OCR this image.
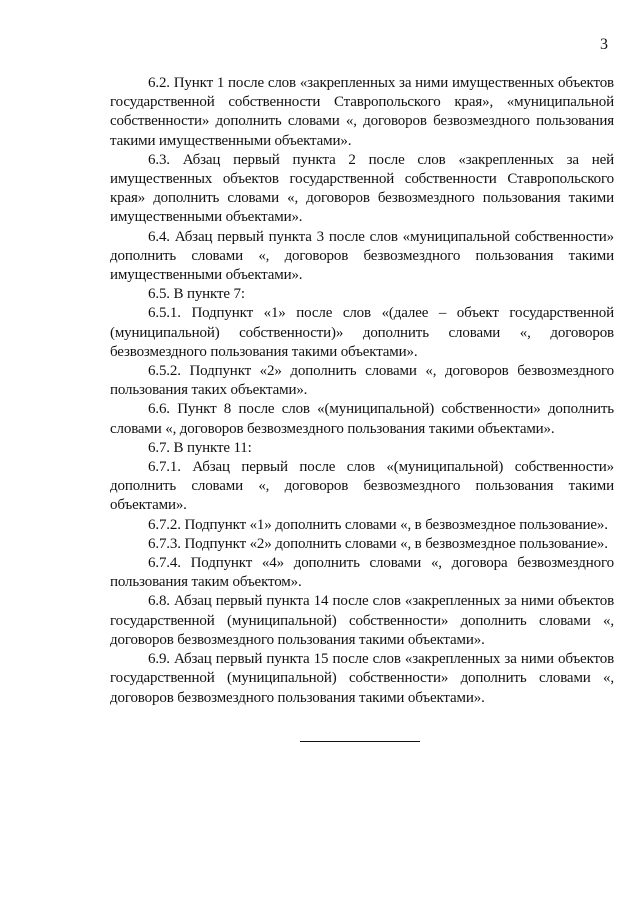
3

6.2. Пункт 1 после слов «закрепленных за ними имущественных объектов государственной собственности Ставропольского края», «муниципальной собственности» дополнить словами «, договоров безвозмездного пользования такими имущественными объектами».

6.3. Абзац первый пункта 2 после слов «закрепленных за ней имущественных объектов государственной собственности Ставропольского края» дополнить словами «, договоров безвозмездного пользования такими имущественными объектами».

6.4. Абзац первый пункта 3 после слов «муниципальной собственности» дополнить словами «, договоров безвозмездного пользования такими имущественными объектами».

6.5. В пункте 7:

6.5.1. Подпункт «1» после слов «(далее – объект государственной (муниципальной) собственности)» дополнить словами «, договоров безвозмездного пользования такими объектами».

6.5.2. Подпункт «2» дополнить словами «, договоров безвозмездного пользования таких объектами».

6.6. Пункт 8 после слов «(муниципальной) собственности» дополнить словами «, договоров безвозмездного пользования такими объектами».

6.7. В пункте 11:

6.7.1. Абзац первый после слов «(муниципальной) собственности» дополнить словами «, договоров безвозмездного пользования такими объектами».

6.7.2. Подпункт «1» дополнить словами «, в безвозмездное пользование».

6.7.3. Подпункт «2» дополнить словами «, в безвозмездное пользование».

6.7.4. Подпункт «4» дополнить словами «, договора безвозмездного пользования таким объектом».

6.8. Абзац первый пункта 14 после слов «закрепленных за ними объектов государственной (муниципальной) собственности» дополнить словами «, договоров безвозмездного пользования такими объектами».

6.9. Абзац первый пункта 15 после слов «закрепленных за ними объектов государственной (муниципальной) собственности» дополнить словами «, договоров безвозмездного пользования такими объектами».
